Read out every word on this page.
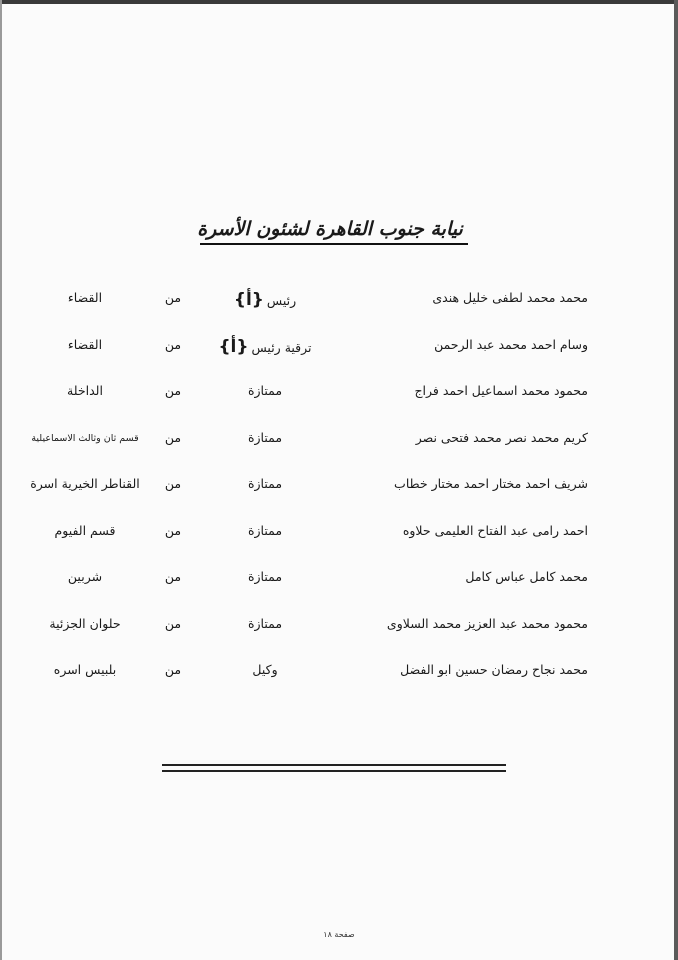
نيابة جنوب القاهرة لشئون الأسرة
محمد محمد لطفى خليل هندى
رئيس{أ}
من
القضاء
وسام احمد محمد عبد الرحمن
ترقية رئيس{أ}
من
القضاء
محمود محمد اسماعيل احمد فراج
ممتازة
من
الداخلة
كريم محمد نصر محمد فتحى نصر
ممتازة
من
قسم ثان وثالث الاسماعيلية
شريف احمد مختار احمد مختار خطاب
ممتازة
من
القناطر الخيرية اسرة
احمد رامى عبد الفتاح العليمى حلاوه
ممتازة
من
قسم الفيوم
محمد كامل عباس كامل
ممتازة
من
شربين
محمود محمد عبد العزيز محمد السلاوى
ممتازة
من
حلوان الجزئية
محمد نجاح رمضان حسين ابو الفضل
وكيل
من
بلبيس اسره
صفحة ١٨
